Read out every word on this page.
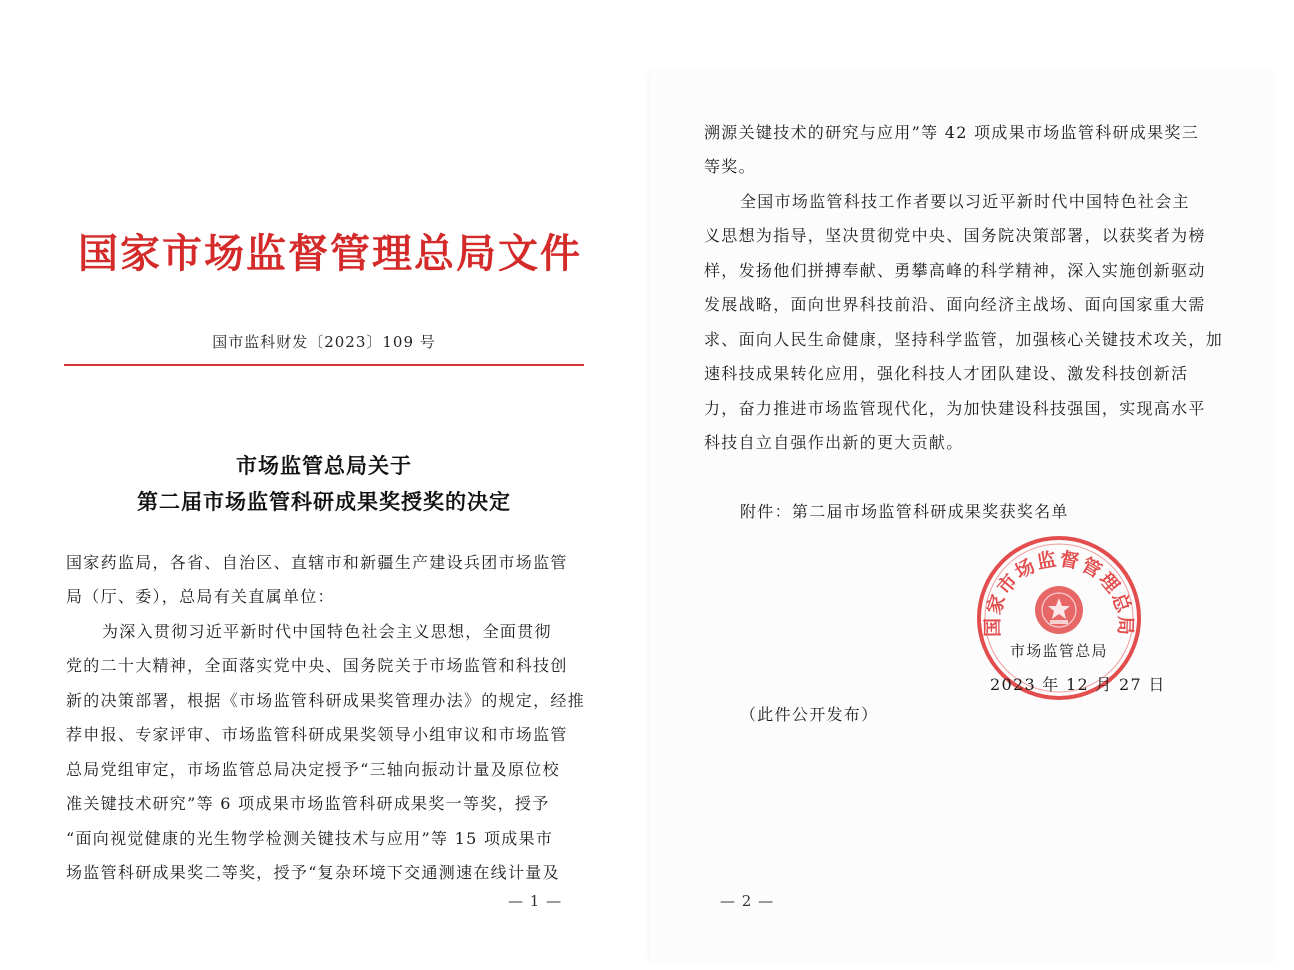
国家市场监督管理总局文件
国市监科财发〔2023〕109 号
市场监管总局关于
第二届市场监管科研成果奖授奖的决定
国家药监局，各省、自治区、直辖市和新疆生产建设兵团市场监管
局（厅、委），总局有关直属单位：
为深入贯彻习近平新时代中国特色社会主义思想，全面贯彻
党的二十大精神，全面落实党中央、国务院关于市场监管和科技创
新的决策部署，根据《市场监管科研成果奖管理办法》的规定，经推
荐申报、专家评审、市场监管科研成果奖领导小组审议和市场监管
总局党组审定，市场监管总局决定授予“三轴向振动计量及原位校
准关键技术研究”等 6 项成果市场监管科研成果奖一等奖，授予
“面向视觉健康的光生物学检测关键技术与应用”等 15 项成果市
场监管科研成果奖二等奖，授予“复杂环境下交通测速在线计量及
— 1 —
溯源关键技术的研究与应用”等 42 项成果市场监管科研成果奖三
等奖。
全国市场监管科技工作者要以习近平新时代中国特色社会主
义思想为指导，坚决贯彻党中央、国务院决策部署，以获奖者为榜
样，发扬他们拼搏奉献、勇攀高峰的科学精神，深入实施创新驱动
发展战略，面向世界科技前沿、面向经济主战场、面向国家重大需
求、面向人民生命健康，坚持科学监管，加强核心关键技术攻关，加
速科技成果转化应用，强化科技人才团队建设、激发科技创新活
力，奋力推进市场监管现代化，为加快建设科技强国，实现高水平
科技自立自强作出新的更大贡献。
附件：第二届市场监管科研成果奖获奖名单
国家市场监督管理总局
市场监管总局
2023 年 12 月 27 日
（此件公开发布）
— 2 —
